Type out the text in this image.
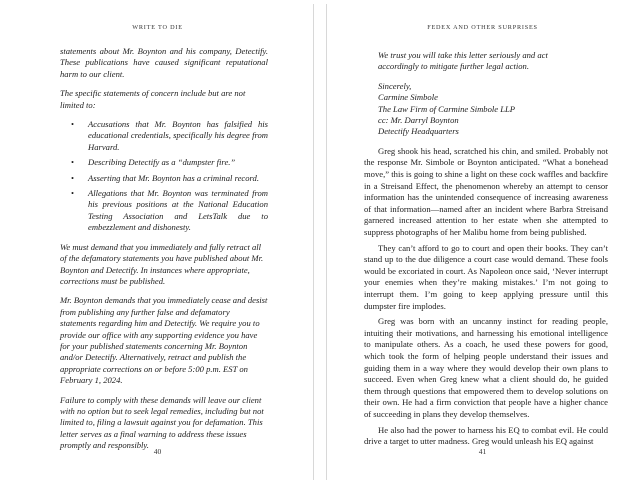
WRITE TO DIE

statements about Mr. Boynton and his company, Detectify. These publications have caused significant reputational harm to our client.

The specific statements of concern include but are not limited to:

• Accusations that Mr. Boynton has falsified his educational credentials, specifically his degree from Harvard.
• Describing Detectify as a “dumpster fire.”
• Asserting that Mr. Boynton has a criminal record.
• Allegations that Mr. Boynton was terminated from his previous positions at the National Education Testing Association and LetsTalk due to embezzlement and dishonesty.

We must demand that you immediately and fully retract all of the defamatory statements you have published about Mr. Boynton and Detectify. In instances where appropriate, corrections must be published.

Mr. Boynton demands that you immediately cease and desist from publishing any further false and defamatory statements regarding him and Detectify. We require you to provide our office with any supporting evidence you have for your published statements concerning Mr. Boynton and/or Detectify. Alternatively, retract and publish the appropriate corrections on or before 5:00 p.m. EST on February 1, 2024.

Failure to comply with these demands will leave our client with no option but to seek legal remedies, including but not limited to, filing a lawsuit against you for defamation. This letter serves as a final warning to address these issues promptly and responsibly.

40
FEDEX AND OTHER SURPRISES

We trust you will take this letter seriously and act accordingly to mitigate further legal action.

Sincerely,

Carmine Simbole

The Law Firm of Carmine Simbole LLP

cc: Mr. Darryl Boynton

Detectify Headquarters

Greg shook his head, scratched his chin, and smiled. Probably not the response Mr. Simbole or Boynton anticipated. “What a bonehead move,” this is going to shine a light on these cock waffles and backfire in a Streisand Effect, the phenomenon whereby an attempt to censor information has the unintended consequence of increasing awareness of that information—named after an incident where Barbra Streisand garnered increased attention to her estate when she attempted to suppress photographs of her Malibu home from being published.

They can’t afford to go to court and open their books. They can’t stand up to the due diligence a court case would demand. These fools would be excoriated in court. As Napoleon once said, ‘Never interrupt your enemies when they’re making mistakes.’ I’m not going to interrupt them. I’m going to keep applying pressure until this dumpster fire implodes.

Greg was born with an uncanny instinct for reading people, intuiting their motivations, and harnessing his emotional intelligence to manipulate others. As a coach, he used these powers for good, which took the form of helping people understand their issues and guiding them in a way where they would develop their own plans to succeed. Even when Greg knew what a client should do, he guided them through questions that empowered them to develop solutions on their own. He had a firm conviction that people have a higher chance of succeeding in plans they develop themselves.

He also had the power to harness his EQ to combat evil. He could drive a target to utter madness. Greg would unleash his EQ against

41
